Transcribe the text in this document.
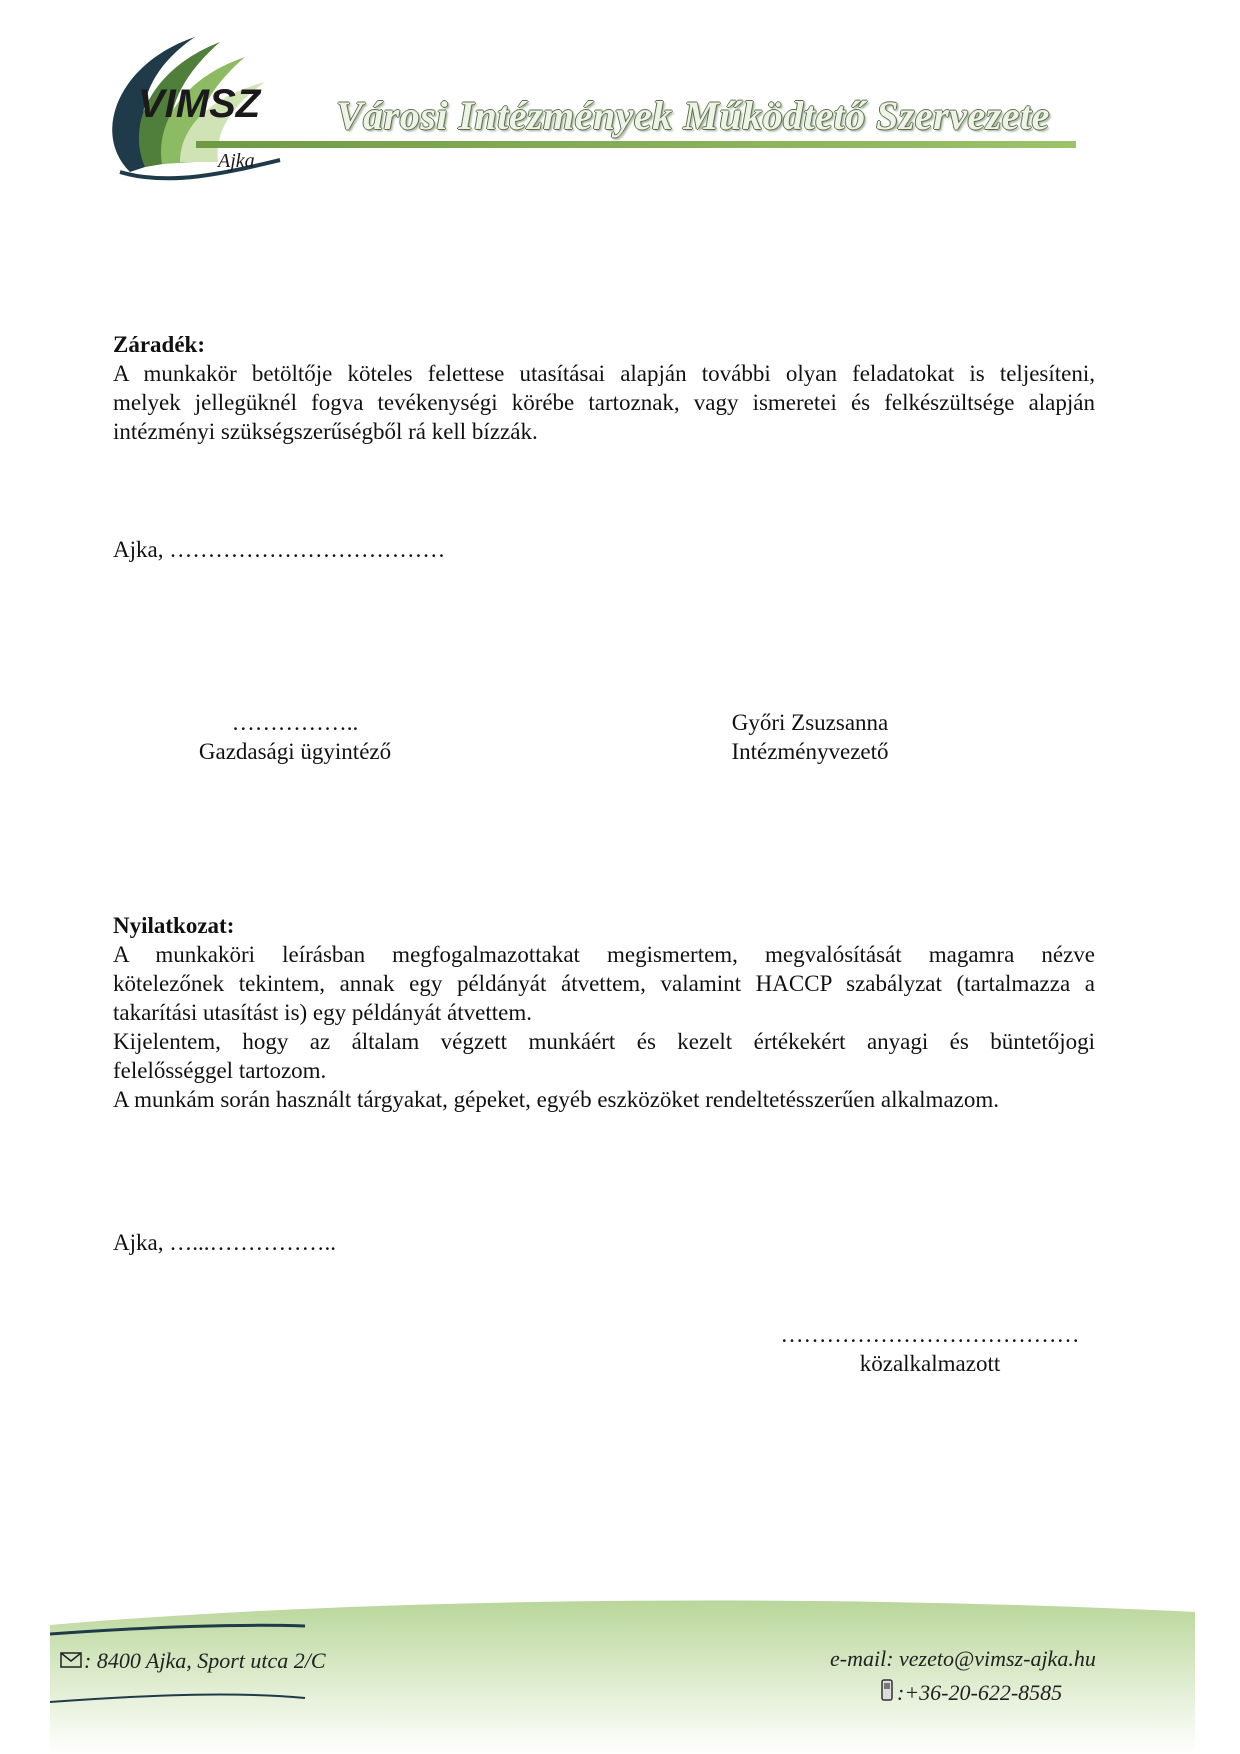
VIMSZ
Ajka
Városi Intézmények Működtető Szervezete
Záradék:
A munkakör betöltője köteles felettese utasításai alapján további olyan feladatokat is teljesíteni,
melyek jellegüknél fogva tevékenységi körébe tartoznak, vagy ismeretei és felkészültsége alapján
intézményi szükségszerűségből rá kell bízzák.
Ajka, ………………………………
……………..
Gazdasági ügyintéző
Győri Zsuzsanna
Intézményvezető
Nyilatkozat:
A munkaköri leírásban megfogalmazottakat megismertem, megvalósítását magamra nézve
kötelezőnek tekintem, annak egy példányát átvettem, valamint HACCP szabályzat (tartalmazza a
takarítási utasítást is) egy példányát átvettem.
Kijelentem, hogy az általam végzett munkáért és kezelt értékekért anyagi és büntetőjogi
felelősséggel tartozom.
A munkám során használt tárgyakat, gépeket, egyéb eszközöket rendeltetésszerűen alkalmazom.
Ajka, …...……………..
…………………………………
közalkalmazott
: 8400 Ajka, Sport utca 2/C	e-mail: vezeto@vimsz-ajka.hu
:+36-20-622-8585
